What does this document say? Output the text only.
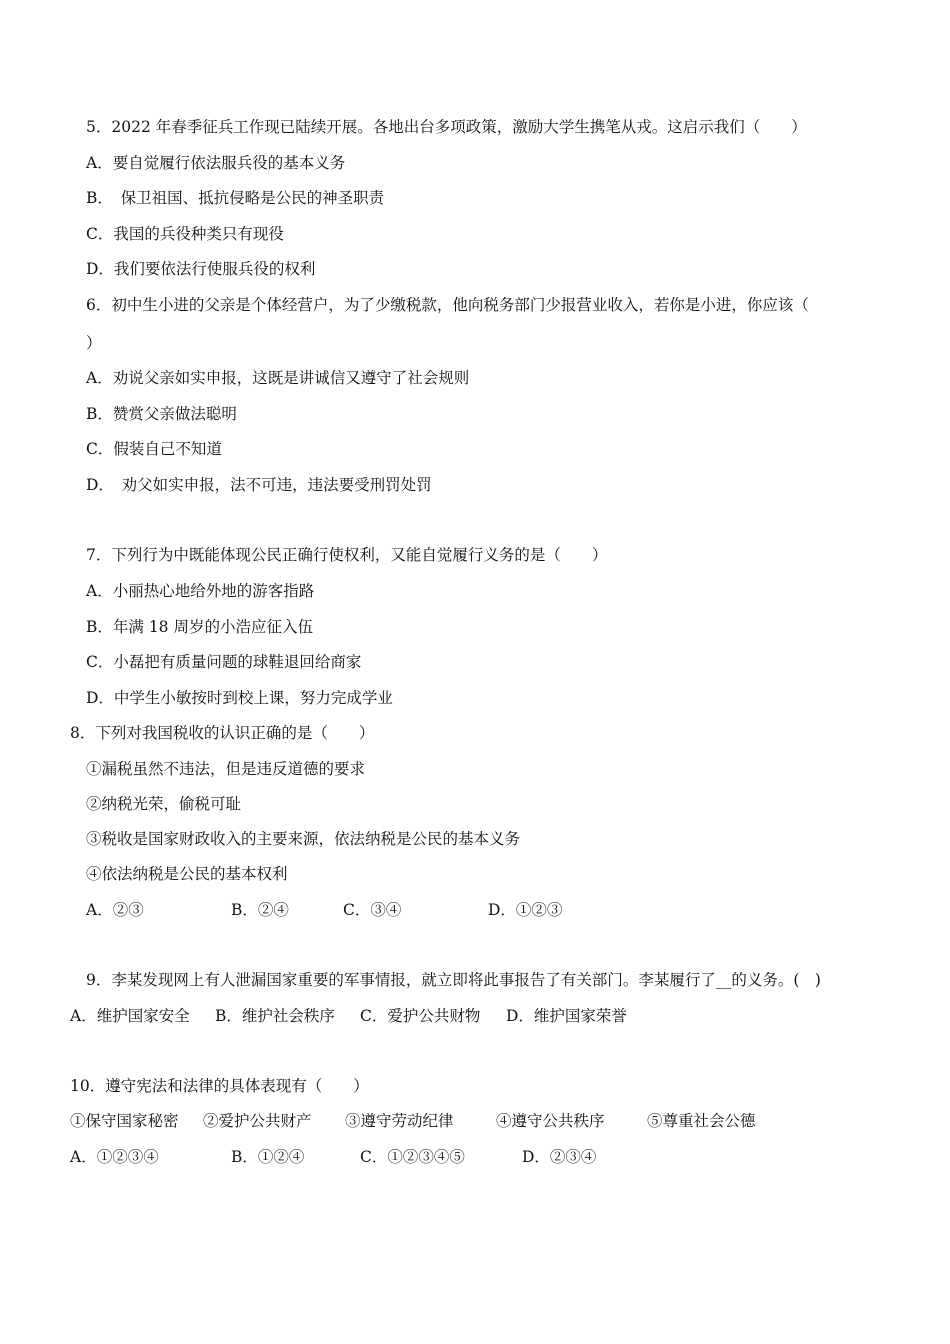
5．2022 年春季征兵工作现已陆续开展。各地出台多项政策，激励大学生携笔从戎。这启示我们（　　）
A．要自觉履行依法服兵役的基本义务
B．　保卫祖国、抵抗侵略是公民的神圣职责
C．我国的兵役种类只有现役
D．我们要依法行使服兵役的权利
6．初中生小进的父亲是个体经营户，为了少缴税款，他向税务部门少报营业收入，若你是小进，你应该（
）
A．劝说父亲如实申报，这既是讲诚信又遵守了社会规则
B．赞赏父亲做法聪明
C．假装自己不知道
D．　劝父如实申报，法不可违，违法要受刑罚处罚
7．下列行为中既能体现公民正确行使权利，又能自觉履行义务的是（　　）
A．小丽热心地给外地的游客指路
B．年满 18 周岁的小浩应征入伍
C．小磊把有质量问题的球鞋退回给商家
D．中学生小敏按时到校上课，努力完成学业
8．下列对我国税收的认识正确的是（　　）
①漏税虽然不违法，但是违反道德的要求
②纳税光荣，偷税可耻
③税收是国家财政收入的主要来源，依法纳税是公民的基本义务
④依法纳税是公民的基本权利
A．②③	B．②④	C．③④	D．①②③
9．李某发现网上有人泄漏国家重要的军事情报，就立即将此事报告了有关部门。李某履行了__的义务。(　)
A．维护国家安全 B．维护社会秩序 C．爱护公共财物 D．维护国家荣誉
10．遵守宪法和法律的具体表现有（　　）
①保守国家秘密 ②爱护公共财产 ③遵守劳动纪律	④遵守公共秩序	⑤尊重社会公德
A．①②③④	B．①②④	C．①②③④⑤	D．②③④
